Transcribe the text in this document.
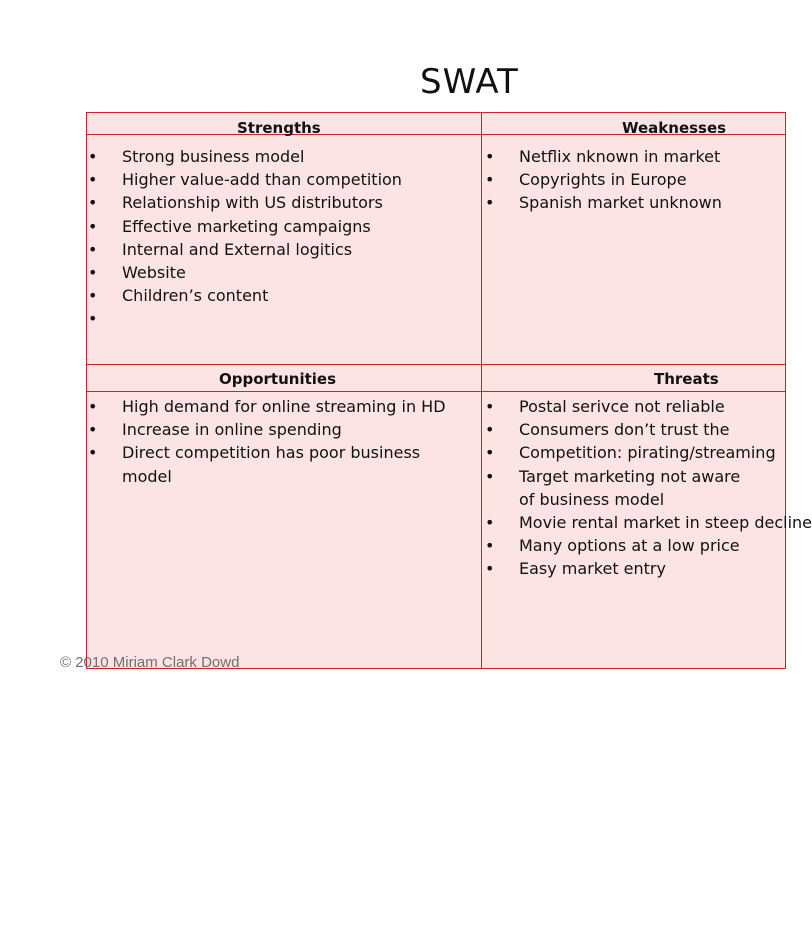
SWAT
Strengths	Weaknesses
Opportunities	Threats
• Strong business model
• Higher value-add than competition
• Relationship with US distributors
• Effective marketing campaigns
• Internal and External logitics
• Website
• Children’s content
•

• Netflix nknown in market
• Copyrights in Europe
• Spanish market unknown
• High demand for online streaming in HD
• Increase in online spending
• Direct competition has poor business
model
• Postal serivce not reliable
• Consumers don’t trust the
• Competition: pirating/streaming
• Target marketing not aware
of business model
• Movie rental market in steep decline
• Many options at a low price
• Easy market entry
© 2010 Miriam Clark Dowd
